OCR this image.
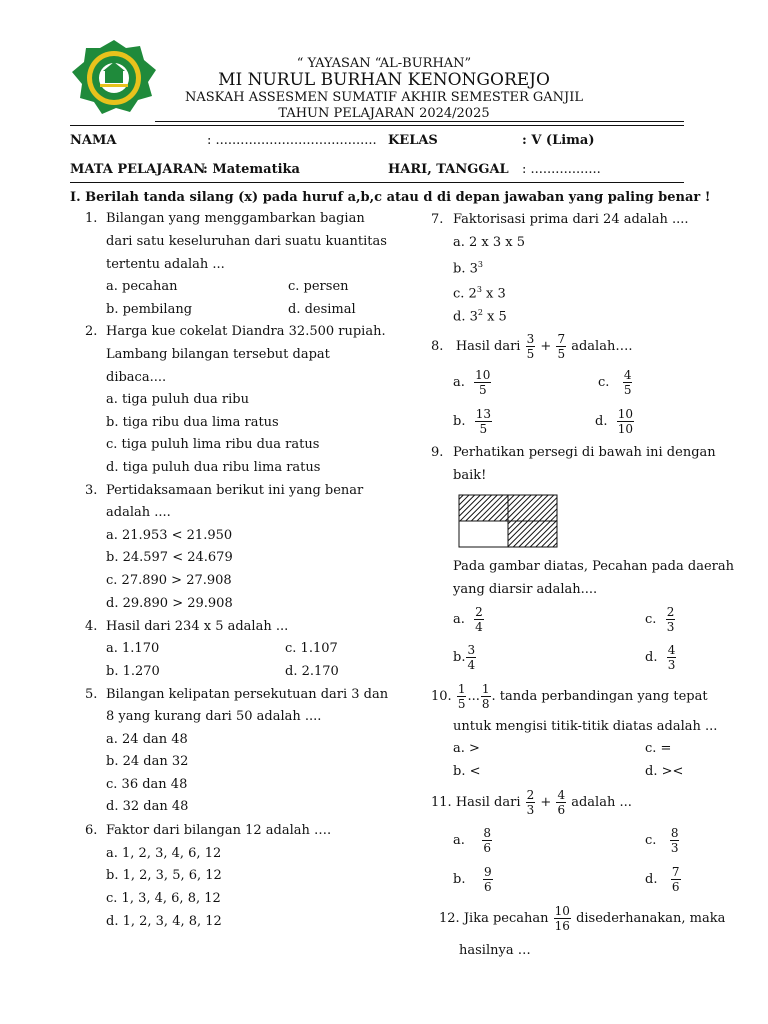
“ YAYASAN “AL-BURHAN”
MI NURUL BURHAN KENONGOREJO
NASKAH ASSESMEN SUMATIF AKHIR SEMESTER GANJIL
TAHUN PELAJARAN 2024/2025
NAMA	: ....................................... KELAS	: V (Lima)
MATA PELAJARAN
: Matematika	HARI, TANGGAL : .................
I. Berilah tanda silang (x) pada huruf a,b,c atau d di depan jawaban yang paling benar !
1. Bilangan yang menggambarkan bagian
dari satu keseluruhan dari suatu kuantitas
tertentu adalah ...
a. pecahan	c. persen
b. pembilang	d. desimal
2. Harga kue cokelat Diandra 32.500 rupiah.
Lambang bilangan tersebut dapat
dibaca....
a. tiga puluh dua ribu
b. tiga ribu dua lima ratus
c. tiga puluh lima ribu dua ratus
d. tiga puluh dua ribu lima ratus
3. Pertidaksamaan berikut ini yang benar
adalah ....
a. 21.953 < 21.950
b. 24.597 < 24.679
c. 27.890 > 27.908
d. 29.890 > 29.908
4. Hasil dari 234 x 5 adalah ...
a. 1.170	c. 1.107
b. 1.270	d. 2.170
5. Bilangan kelipatan persekutuan dari 3 dan
8 yang kurang dari 50 adalah ....
a. 24 dan 48
b. 24 dan 32
c. 36 dan 48
d. 32 dan 48
6. Faktor dari bilangan 12 adalah ….
a. 1, 2, 3, 4, 6, 12
b. 1, 2, 3, 5, 6, 12
c. 1, 3, 4, 6, 8, 12
d. 1, 2, 3, 4, 8, 12
7. Faktorisasi prima dari 24 adalah ....
a. 2 x 3 x 5
b. $3^3$
c. $2^3$ x 3
d. $3^2$ x 5
8. Hasil dari $\frac{3}{5} + \frac{7}{5}$ adalah….
a. $\frac{10}{5}$	c. $\frac{4}{5}$
b. $\frac{13}{5}$	d. $\frac{10}{10}$
9. Perhatikan persegi di bawah ini dengan
baik!
Pada gambar diatas, Pecahan pada daerah
yang diarsir adalah....
a. $\frac{2}{4}$	c. $\frac{2}{3}$
b. $\frac{3}{4}$	d. $\frac{4}{3}$
10. $\frac{1}{5}$ ... $\frac{1}{8}$ . tanda perbandingan yang tepat
untuk mengisi titik-titik diatas adalah ...
a. >	c. =
b. <	d. ><
11. Hasil dari $\frac{2}{3} + \frac{4}{6}$ adalah ...
a. $\frac{8}{6}$	c. $\frac{8}{3}$
b. $\frac{9}{6}$	d. $\frac{7}{6}$
12. Jika pecahan $\frac{10}{16}$ disederhanakan, maka
hasilnya …
